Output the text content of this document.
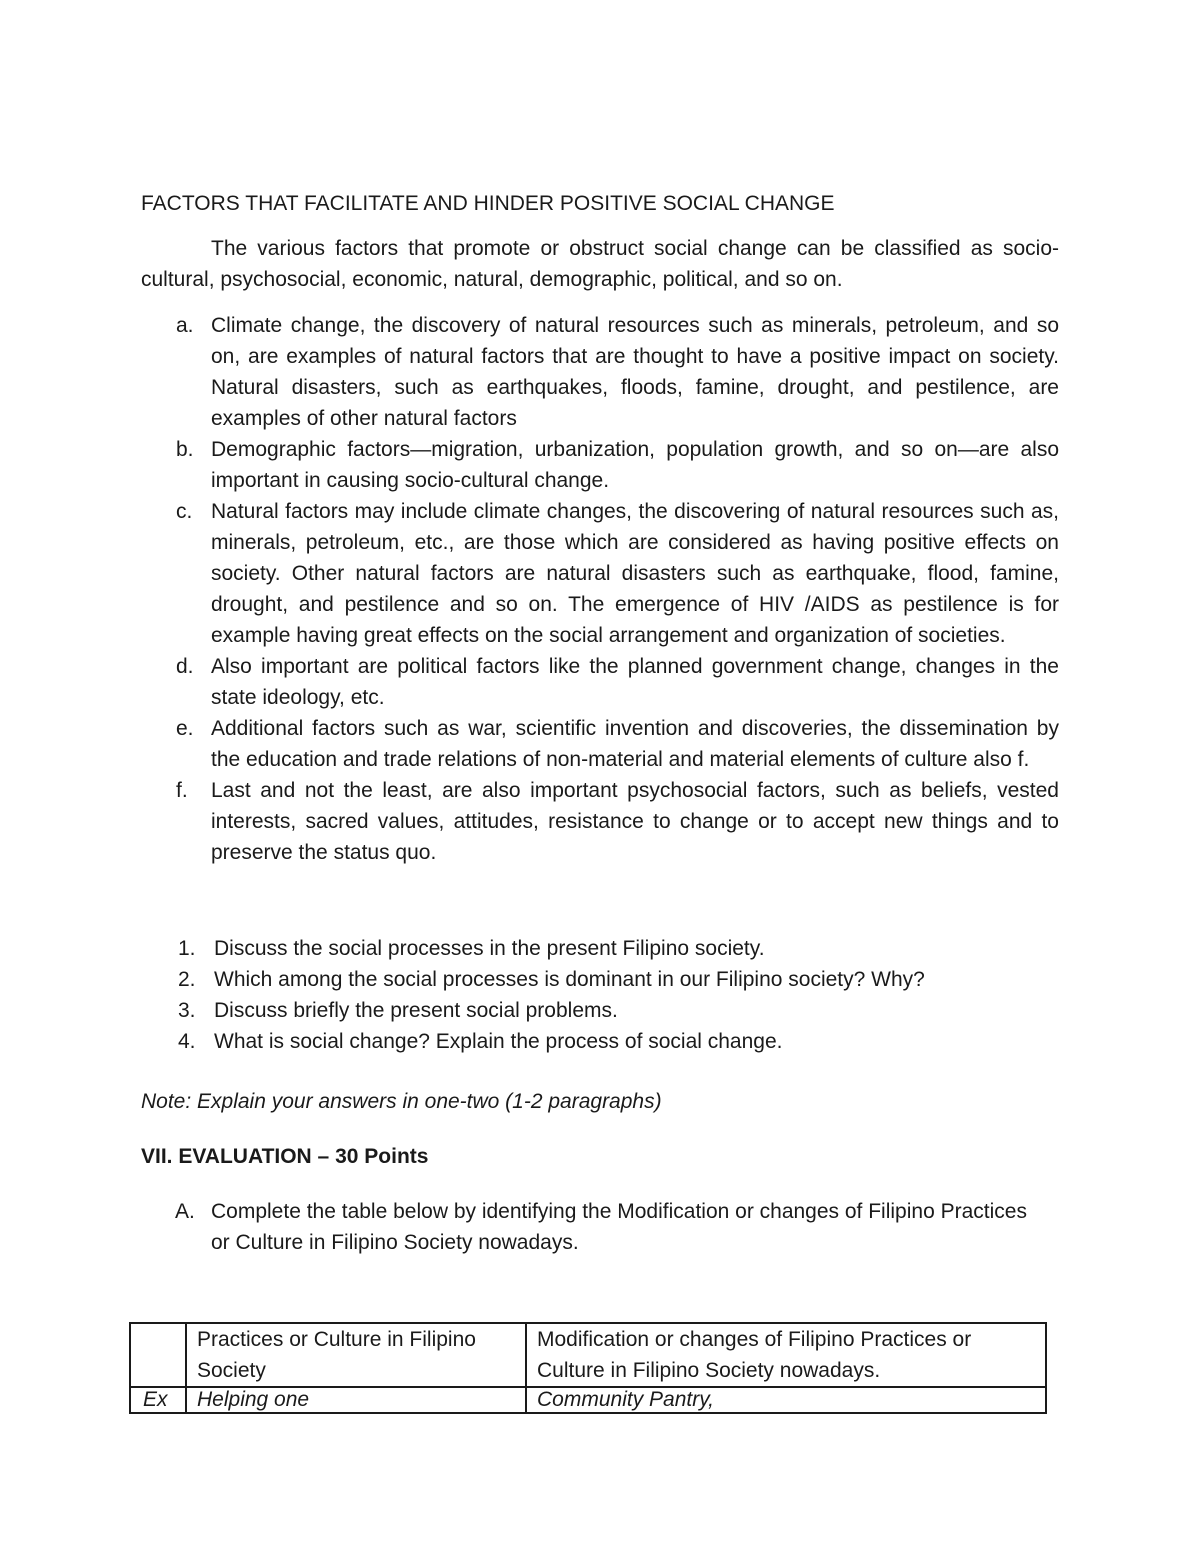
FACTORS THAT FACILITATE AND HINDER POSITIVE SOCIAL CHANGE

The various factors that promote or obstruct social change can be classified as socio-cultural, psychosocial, economic, natural, demographic, political, and so on.

a. Climate change, the discovery of natural resources such as minerals, petroleum, and so on, are examples of natural factors that are thought to have a positive impact on society. Natural disasters, such as earthquakes, floods, famine, drought, and pestilence, are examples of other natural factors
b. Demographic factors—migration, urbanization, population growth, and so on—are also important in causing socio-cultural change.
c. Natural factors may include climate changes, the discovering of natural resources such as, minerals, petroleum, etc., are those which are considered as having positive effects on society. Other natural factors are natural disasters such as earthquake, flood, famine, drought, and pestilence and so on. The emergence of HIV /AIDS as pestilence is for example having great effects on the social arrangement and organization of societies.
d. Also important are political factors like the planned government change, changes in the state ideology, etc.
e. Additional factors such as war, scientific invention and discoveries, the dissemination by the education and trade relations of non-material and material elements of culture also f.
f. Last and not the least, are also important psychosocial factors, such as beliefs, vested interests, sacred values, attitudes, resistance to change or to accept new things and to preserve the status quo.
1. Discuss the social processes in the present Filipino society.
2. Which among the social processes is dominant in our Filipino society? Why?
3. Discuss briefly the present social problems.
4. What is social change? Explain the process of social change.

Note: Explain your answers in one-two (1-2 paragraphs)

VII. EVALUATION – 30 Points

A. Complete the table below by identifying the Modification or changes of Filipino Practices or Culture in Filipino Society nowadays.

	Practices or Culture in Filipino Society	Modification or changes of Filipino Practices or Culture in Filipino Society nowadays.
Ex	Helping one	Community Pantry,
